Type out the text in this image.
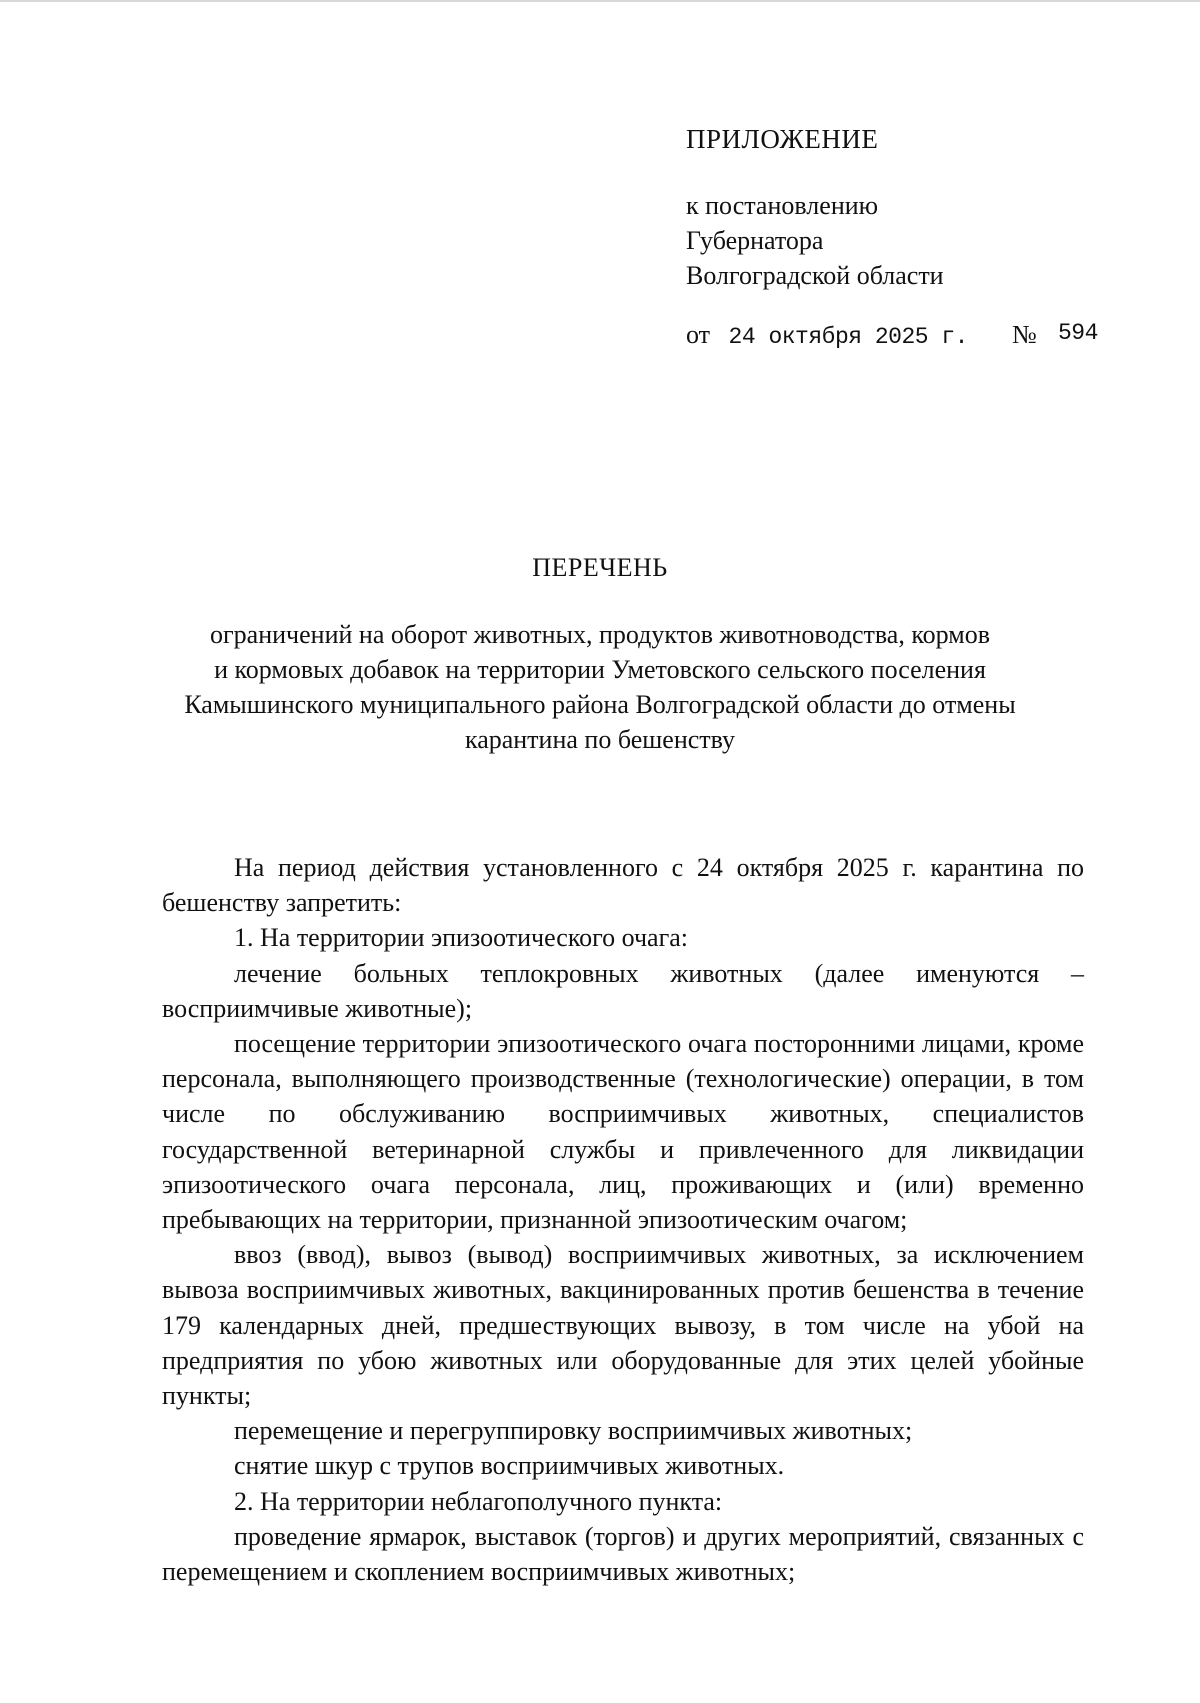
ПРИЛОЖЕНИЕ
к постановлению
Губернатора
Волгоградской области
от 24 октября 2025 г. № 594
ПЕРЕЧЕНЬ
ограничений на оборот животных, продуктов животноводства, кормов
и кормовых добавок на территории Уметовского сельского поселения
Камышинского муниципального района Волгоградской области до отмены
карантина по бешенству

На период действия установленного с 24 октября 2025 г. карантина по бешенству запретить:

1. На территории эпизоотического очага:

лечение больных теплокровных животных (далее именуются – восприимчивые животные);

посещение территории эпизоотического очага посторонними лицами, кроме персонала, выполняющего производственные (технологические) операции, в том числе по обслуживанию восприимчивых животных, специалистов государственной ветеринарной службы и привлеченного для ликвидации эпизоотического очага персонала, лиц, проживающих и (или) временно пребывающих на территории, признанной эпизоотическим очагом;

ввоз (ввод), вывоз (вывод) восприимчивых животных, за исключением вывоза восприимчивых животных, вакцинированных против бешенства в течение 179 календарных дней, предшествующих вывозу, в том числе на убой на предприятия по убою животных или оборудованные для этих целей убойные пункты;

перемещение и перегруппировку восприимчивых животных;

снятие шкур с трупов восприимчивых животных.

2. На территории неблагополучного пункта:

проведение ярмарок, выставок (торгов) и других мероприятий, связанных с перемещением и скоплением восприимчивых животных;
